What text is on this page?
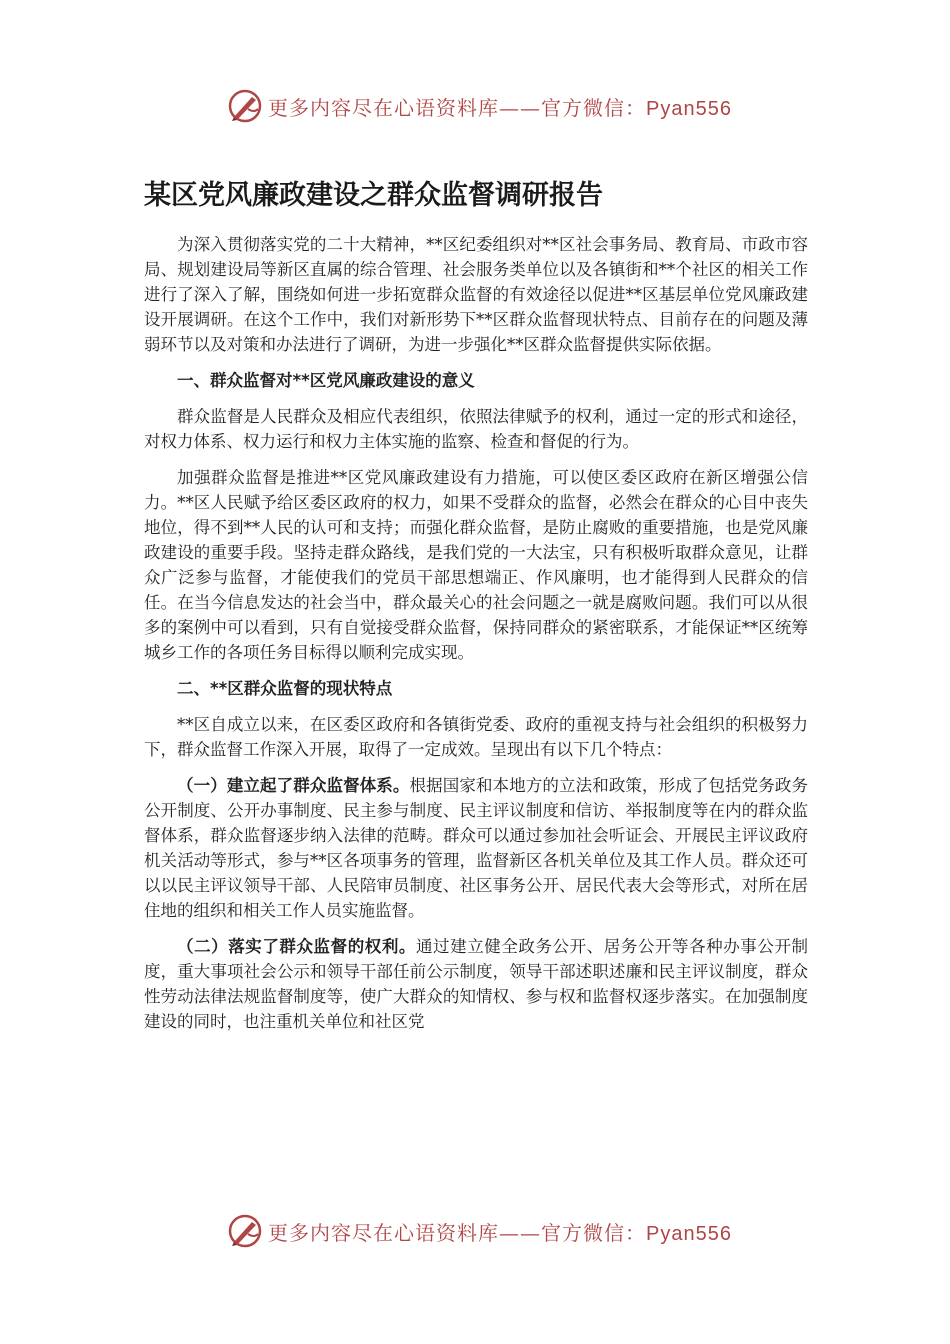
更多内容尽在心语资料库——官方微信：Pyan556
某区党风廉政建设之群众监督调研报告

为深入贯彻落实党的二十大精神，**区纪委组织对**区社会事务局、教育局、市政市容局、规划建设局等新区直属的综合管理、社会服务类单位以及各镇街和**个社区的相关工作进行了深入了解，围绕如何进一步拓宽群众监督的有效途径以促进**区基层单位党风廉政建设开展调研。在这个工作中，我们对新形势下**区群众监督现状特点、目前存在的问题及薄弱环节以及对策和办法进行了调研，为进一步强化**区群众监督提供实际依据。

一、群众监督对**区党风廉政建设的意义

群众监督是人民群众及相应代表组织，依照法律赋予的权利，通过一定的形式和途径，对权力体系、权力运行和权力主体实施的监察、检查和督促的行为。

加强群众监督是推进**区党风廉政建设有力措施，可以使区委区政府在新区增强公信力。**区人民赋予给区委区政府的权力，如果不受群众的监督，必然会在群众的心目中丧失地位，得不到**人民的认可和支持；而强化群众监督，是防止腐败的重要措施，也是党风廉政建设的重要手段。坚持走群众路线，是我们党的一大法宝，只有积极听取群众意见，让群众广泛参与监督，才能使我们的党员干部思想端正、作风廉明，也才能得到人民群众的信任。在当今信息发达的社会当中，群众最关心的社会问题之一就是腐败问题。我们可以从很多的案例中可以看到，只有自觉接受群众监督，保持同群众的紧密联系，才能保证**区统筹城乡工作的各项任务目标得以顺利完成实现。

二、**区群众监督的现状特点

**区自成立以来，在区委区政府和各镇街党委、政府的重视支持与社会组织的积极努力下，群众监督工作深入开展，取得了一定成效。呈现出有以下几个特点：

（一）建立起了群众监督体系。根据国家和本地方的立法和政策，形成了包括党务政务公开制度、公开办事制度、民主参与制度、民主评议制度和信访、举报制度等在内的群众监督体系，群众监督逐步纳入法律的范畴。群众可以通过参加社会听证会、开展民主评议政府机关活动等形式，参与**区各项事务的管理，监督新区各机关单位及其工作人员。群众还可以以民主评议领导干部、人民陪审员制度、社区事务公开、居民代表大会等形式，对所在居住地的组织和相关工作人员实施监督。

（二）落实了群众监督的权利。通过建立健全政务公开、居务公开等各种办事公开制度，重大事项社会公示和领导干部任前公示制度，领导干部述职述廉和民主评议制度，群众性劳动法律法规监督制度等，使广大群众的知情权、参与权和监督权逐步落实。在加强制度建设的同时，也注重机关单位和社区党

更多内容尽在心语资料库——官方微信：Pyan556
